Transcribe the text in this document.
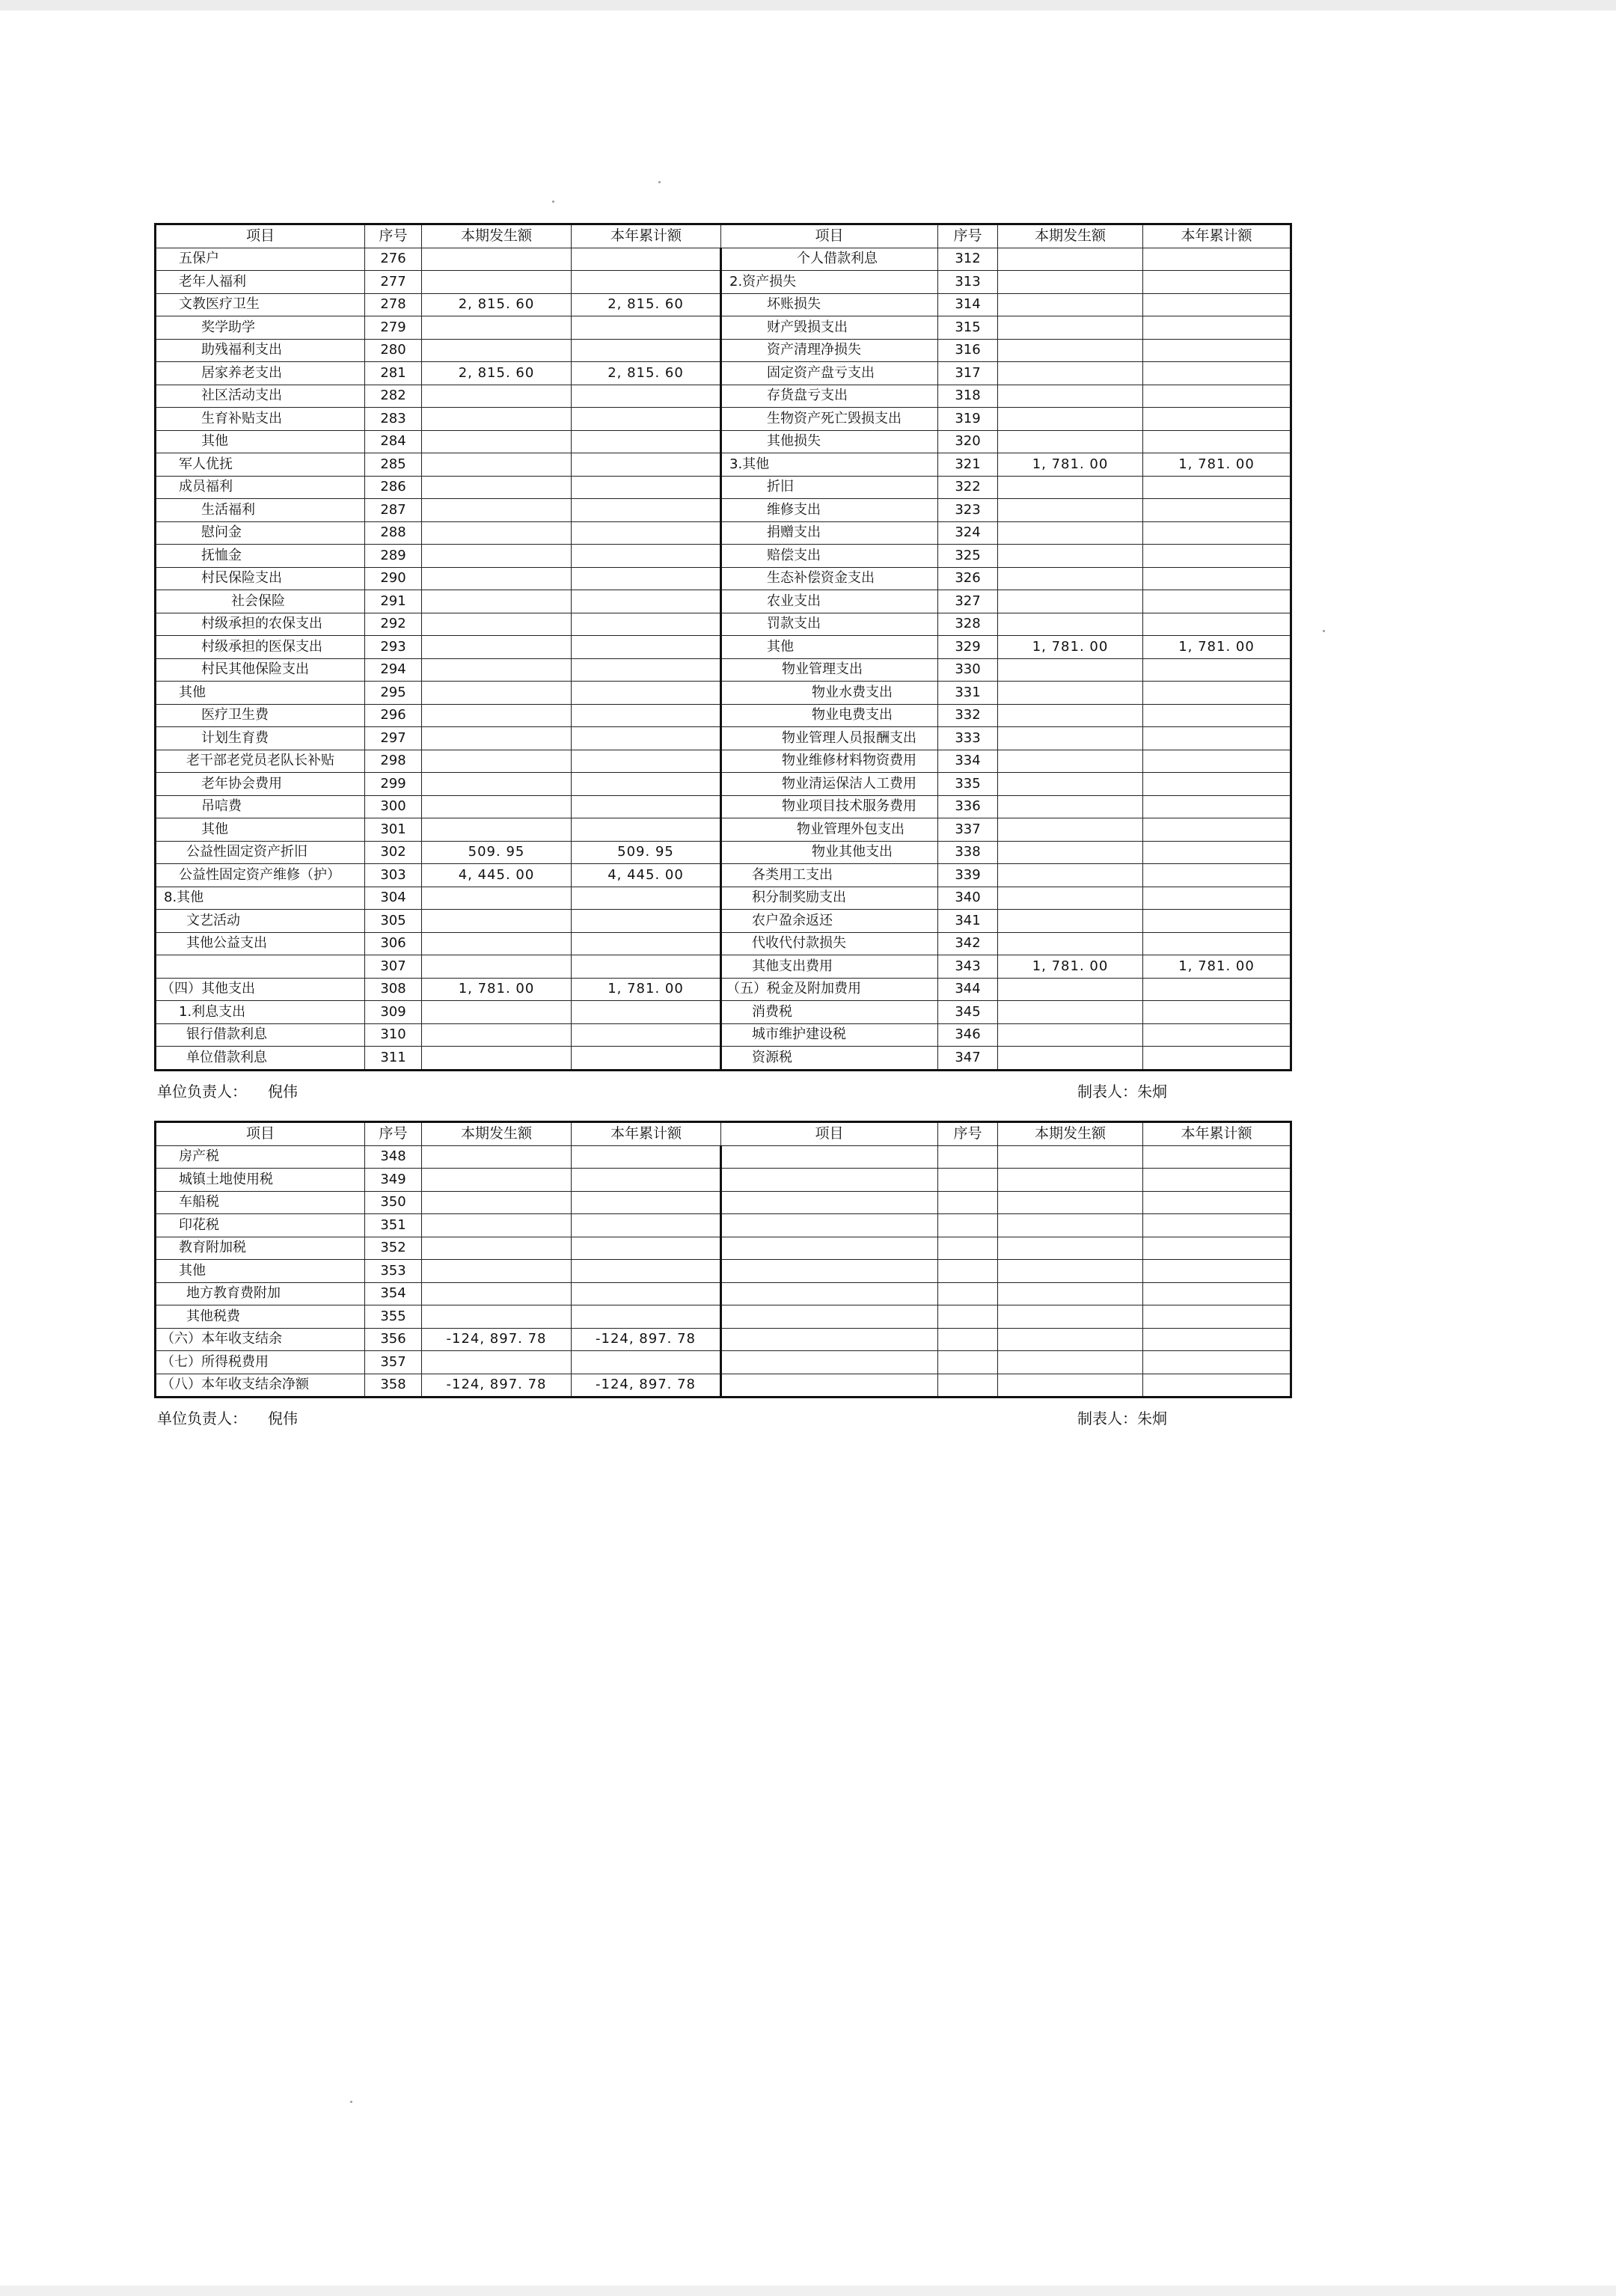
项目	序号	本期发生额	本年累计额	项目	序号	本期发生额	本年累计额
五保户	276			个人借款利息	312		
老年人福利	277			2.资产损失	313		
文教医疗卫生	278	2, 815. 60	2, 815. 60	坏账损失	314		
奖学助学	279			财产毁损支出	315		
助残福利支出	280			资产清理净损失	316		
居家养老支出	281	2, 815. 60	2, 815. 60	固定资产盘亏支出	317		
社区活动支出	282			存货盘亏支出	318		
生育补贴支出	283			生物资产死亡毁损支出	319		
其他	284			其他损失	320		
军人优抚	285			3.其他	321	1, 781. 00	1, 781. 00
成员福利	286			折旧	322		
生活福利	287			维修支出	323		
慰问金	288			捐赠支出	324		
抚恤金	289			赔偿支出	325		
村民保险支出	290			生态补偿资金支出	326		
社会保险	291			农业支出	327		
村级承担的农保支出	292			罚款支出	328		
村级承担的医保支出	293			其他	329	1, 781. 00	1, 781. 00
村民其他保险支出	294			物业管理支出	330		
其他	295			物业水费支出	331		
医疗卫生费	296			物业电费支出	332		
计划生育费	297			物业管理人员报酬支出	333		
老干部老党员老队长补贴	298			物业维修材料物资费用	334		
老年协会费用	299			物业清运保洁人工费用	335		
吊唁费	300			物业项目技术服务费用	336		
其他	301			物业管理外包支出	337		
公益性固定资产折旧	302	509. 95	509. 95	物业其他支出	338		
公益性固定资产维修（护）	303	4, 445. 00	4, 445. 00	各类用工支出	339		
8.其他	304			积分制奖励支出	340		
文艺活动	305			农户盈余返还	341		
其他公益支出	306			代收代付款损失	342		
	307			其他支出费用	343	1, 781. 00	1, 781. 00
（四）其他支出	308	1, 781. 00	1, 781. 00	（五）税金及附加费用	344		
1.利息支出	309			消费税	345		
银行借款利息	310			城市维护建设税	346		
单位借款利息	311			资源税	347		
单位负责人： 倪伟	制表人：朱炯
项目	序号	本期发生额	本年累计额	项目	序号	本期发生额	本年累计额
房产税	348						
城镇土地使用税	349						
车船税	350						
印花税	351						
教育附加税	352						
其他	353						
地方教育费附加	354						
其他税费	355						
（六）本年收支结余	356	-124, 897. 78	-124, 897. 78				
（七）所得税费用	357						
（八）本年收支结余净额	358	-124, 897. 78	-124, 897. 78				
单位负责人： 倪伟	制表人：朱炯
